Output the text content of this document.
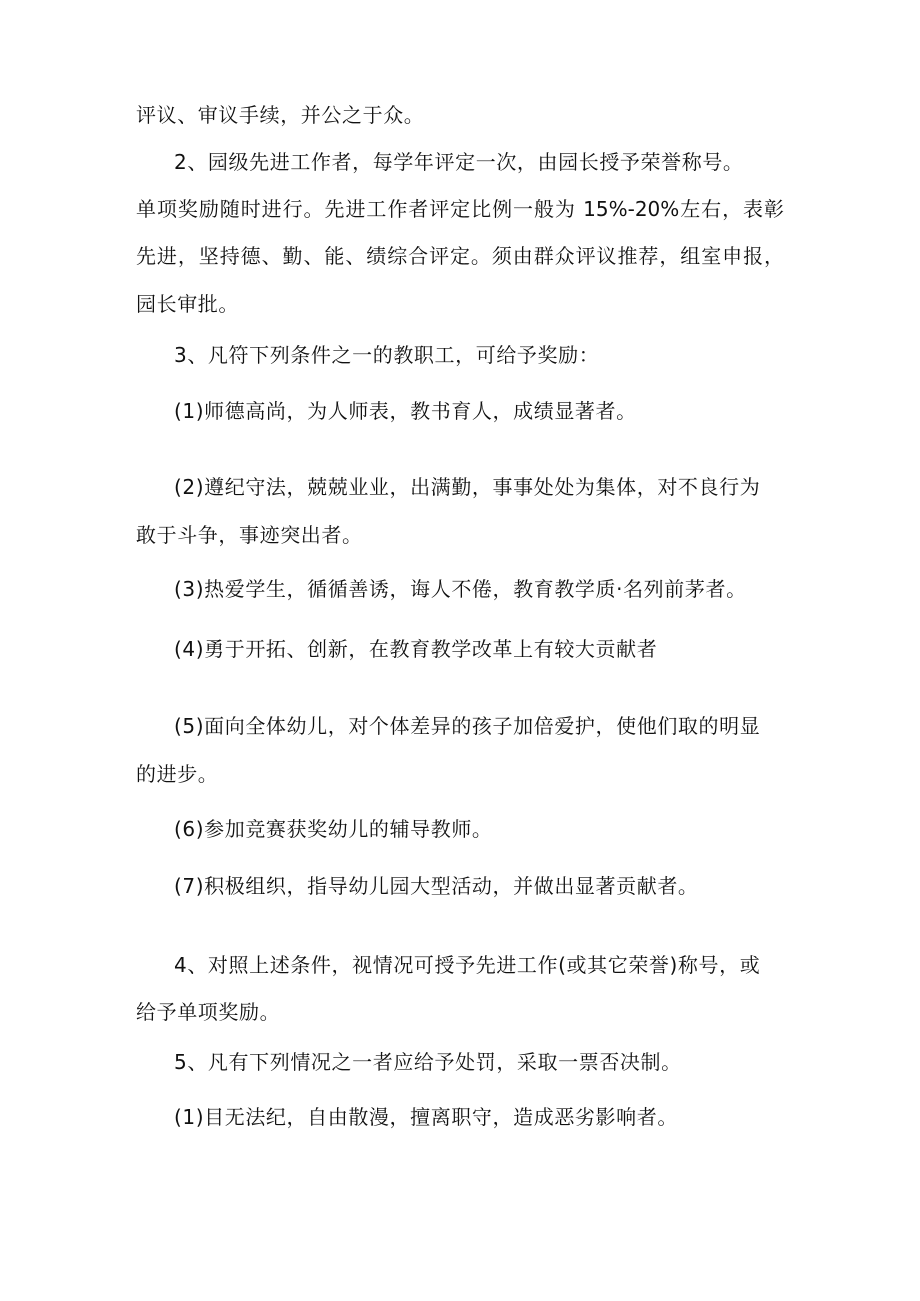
评议、审议手续，并公之于众。
2、园级先进工作者，每学年评定一次，由园长授予荣誉称号。
单项奖励随时进行。先进工作者评定比例一般为 15%-20%左右，表彰
先进，坚持德、勤、能、绩综合评定。须由群众评议推荐，组室申报，
园长审批。
3、凡符下列条件之一的教职工，可给予奖励：
(1)师德高尚，为人师表，教书育人，成绩显著者。
(2)遵纪守法，兢兢业业，出满勤，事事处处为集体，对不良行为
敢于斗争，事迹突出者。
(3)热爱学生，循循善诱，诲人不倦，教育教学质·名列前茅者。
(4)勇于开拓、创新，在教育教学改革上有较大贡献者
(5)面向全体幼儿，对个体差异的孩子加倍爱护，使他们取的明显
的进步。
(6)参加竞赛获奖幼儿的辅导教师。
(7)积极组织，指导幼儿园大型活动，并做出显著贡献者。
4、对照上述条件，视情况可授予先进工作(或其它荣誉)称号，或
给予单项奖励。
5、凡有下列情况之一者应给予处罚，采取一票否决制。
(1)目无法纪，自由散漫，擅离职守，造成恶劣影响者。
